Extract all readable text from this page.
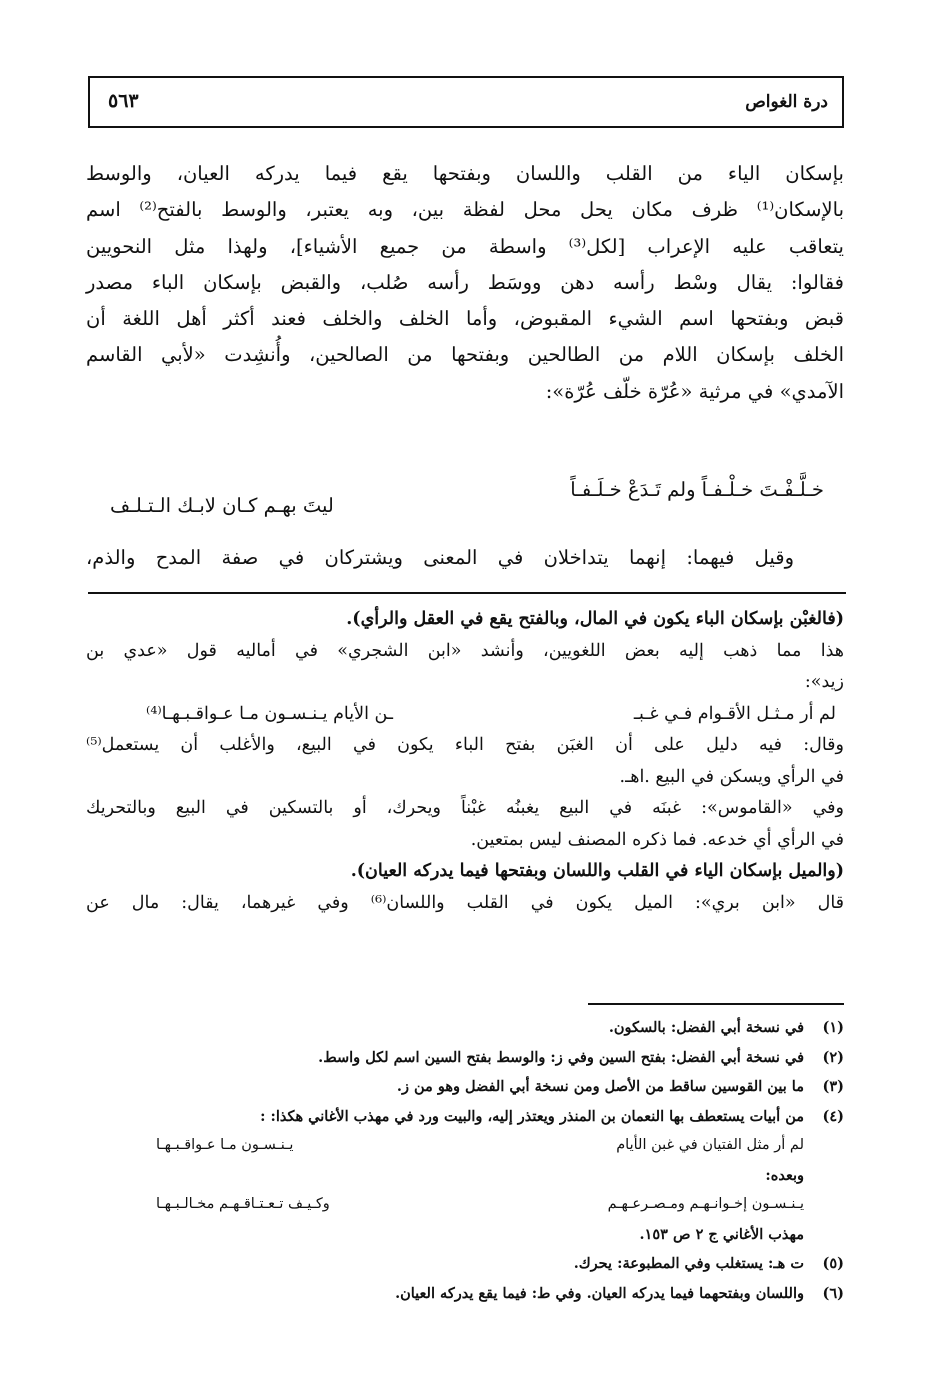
درة الغواص
٥٦٣
بإسكان الياء من القلب واللسان وبفتحها يقع فيما يدركه العيان، والوسط
بالإسكان⁽¹⁾ ظرف مكان يحل محل لفظة بين، وبه يعتبر، والوسط بالفتح⁽²⁾ اسم
يتعاقب عليه الإعراب [لكل⁽³⁾ واسطة من جميع الأشياء]، ولهذا مثل النحويين
فقالوا: يقال وسْط رأسه دهن ووسَط رأسه صُلب، والقبض بإسكان الباء مصدر
قبض وبفتحها اسم الشيء المقبوض، وأما الخلف والخلف فعند أكثر أهل اللغة أن
الخلف بإسكان اللام من الطالحين وبفتحها من الصالحين، وأُنشِدت «لأبي القاسم
الآمدي» في مرثية «عُرّة خلّف عُرّة»:
خـلَّـفْـتَ خـلْـفـاً ولم تَـدَعْ خـلَـفـاً
ليتَ بهـم كـان لابـك الـتـلـف
وقيل فيهما: إنهما يتداخلان في المعنى ويشتركان في صفة المدح والذم،
(فالغبْن بإسكان الباء يكون في المال، وبالفتح يقع في العقل والرأي).
هذا مما ذهب إليه بعض اللغويين، وأنشد «ابن الشجري» في أماليه قول «عدي بن
زيد»:
لم أر مـثـل الأقـوام فـي غـبـ
ـن الأيام يـنـسـون مـا عـواقـبـهـا⁽⁴⁾
وقال: فيه دليل على أن الغبَن بفتح الباء يكون في البيع، والأغلب أن يستعمل⁽⁵⁾
في الرأي ويسكن في البيع .اهـ.
وفي «القاموس»: غبنَه في البيع يغبنُه غبْناً ويحرك، أو بالتسكين في البيع وبالتحريك
في الرأي أي خدعه. فما ذكره المصنف ليس بمتعين.
(والميل بإسكان الياء في القلب واللسان وبفتحها فيما يدركه العيان).
قال «ابن بري»: الميل يكون في القلب واللسان⁽⁶⁾ وفي غيرهما، يقال: مال عن
(١)في نسخة أبي الفضل: بالسكون.
(٢)في نسخة أبي الفضل: بفتح السين وفي ز: والوسط بفتح السين اسم لكل واسط.
(٣)ما بين القوسين ساقط من الأصل ومن نسخة أبي الفضل وهو من ز.
(٤)من أبيات يستعطف بها النعمان بن المنذر ويعتذر إليه، والبيت ورد في مهذب الأغاني هكذا: :
لم أر مثل الفتيان في غبن الأيام
يـنـسـون مـا عـواقـبـهـا
وبعده:
يـنـسـون إخـوانـهـم ومـصـرعـهـم
وكـيـف تـعـتـاقـهـم مخـالـبـهـا
مهذب الأغاني ج ٢ ص ١٥٣.
(٥)ت هـ: يستغلب وفي المطبوعة: يحرك.
(٦)واللسان وبفتحهما فيما يدركه العيان. وفي ط: فيما يقع يدركه العيان.
